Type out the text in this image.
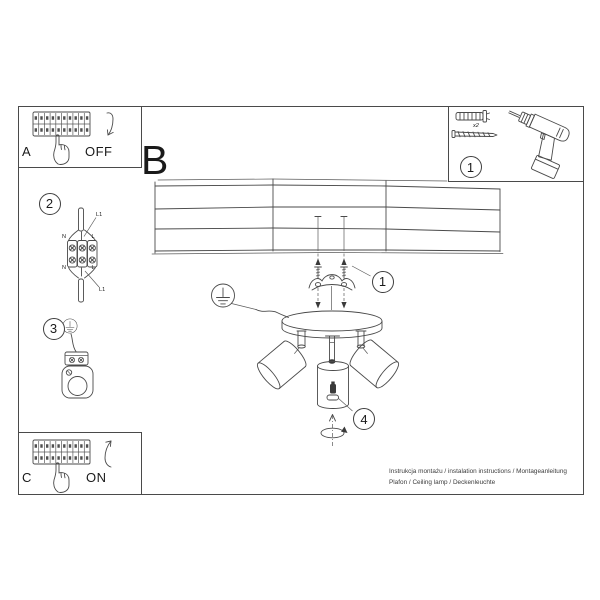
A	OFF B
C	ON
x2
1
2
3
1
4
L1
N	L
N	L
L1
Instrukcja montażu / instalation instructions / Montageanleitung
Plafon / Ceiling lamp / Deckenleuchte
